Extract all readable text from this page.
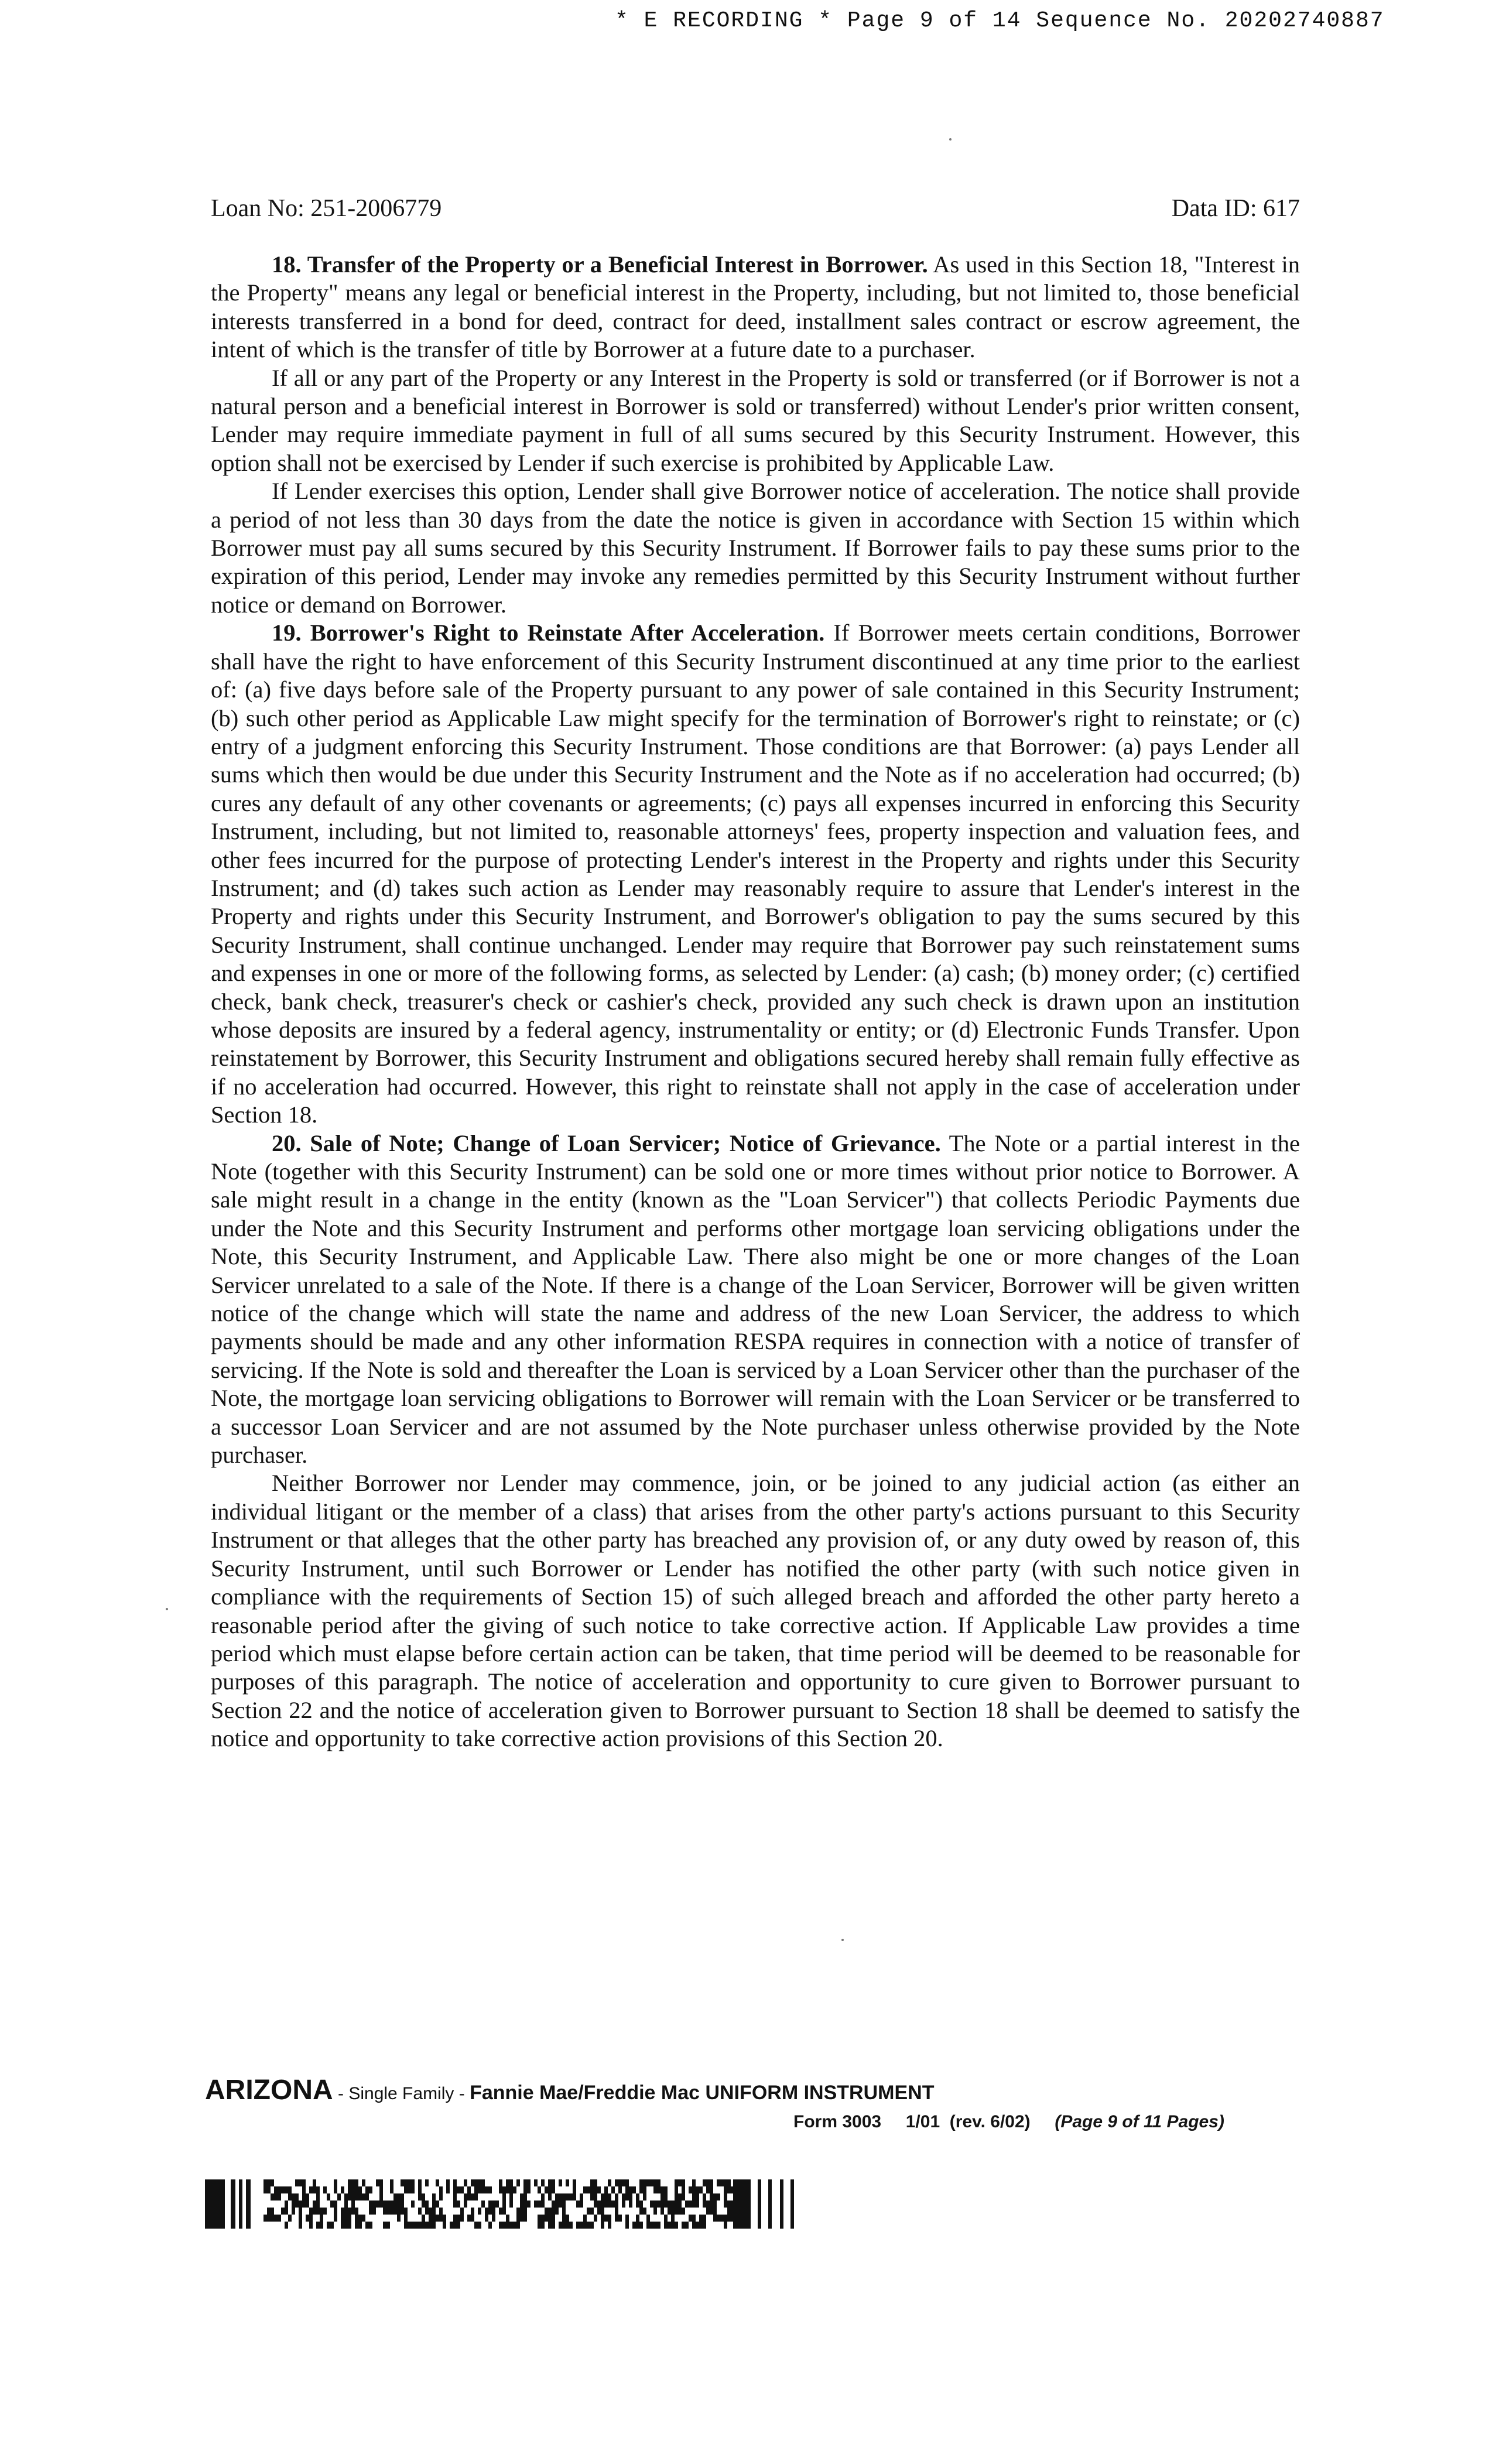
* E RECORDING * Page 9 of 14 Sequence No. 20202740887
Loan No: 251-2006779	Data ID: 617

18. Transfer of the Property or a Beneficial Interest in Borrower. As used in this Section 18, "Interest in the Property" means any legal or beneficial interest in the Property, including, but not limited to, those beneficial interests transferred in a bond for deed, contract for deed, installment sales contract or escrow agreement, the intent of which is the transfer of title by Borrower at a future date to a purchaser.

If all or any part of the Property or any Interest in the Property is sold or transferred (or if Borrower is not a natural person and a beneficial interest in Borrower is sold or transferred) without Lender's prior written consent, Lender may require immediate payment in full of all sums secured by this Security Instrument. However, this option shall not be exercised by Lender if such exercise is prohibited by Applicable Law.

If Lender exercises this option, Lender shall give Borrower notice of acceleration. The notice shall provide a period of not less than 30 days from the date the notice is given in accordance with Section 15 within which Borrower must pay all sums secured by this Security Instrument. If Borrower fails to pay these sums prior to the expiration of this period, Lender may invoke any remedies permitted by this Security Instrument without further notice or demand on Borrower.

19. Borrower's Right to Reinstate After Acceleration. If Borrower meets certain conditions, Borrower shall have the right to have enforcement of this Security Instrument discontinued at any time prior to the earliest of: (a) five days before sale of the Property pursuant to any power of sale contained in this Security Instrument; (b) such other period as Applicable Law might specify for the termination of Borrower's right to reinstate; or (c) entry of a judgment enforcing this Security Instrument. Those conditions are that Borrower: (a) pays Lender all sums which then would be due under this Security Instrument and the Note as if no acceleration had occurred; (b) cures any default of any other covenants or agreements; (c) pays all expenses incurred in enforcing this Security Instrument, including, but not limited to, reasonable attorneys' fees, property inspection and valuation fees, and other fees incurred for the purpose of protecting Lender's interest in the Property and rights under this Security Instrument; and (d) takes such action as Lender may reasonably require to assure that Lender's interest in the Property and rights under this Security Instrument, and Borrower's obligation to pay the sums secured by this Security Instrument, shall continue unchanged. Lender may require that Borrower pay such reinstatement sums and expenses in one or more of the following forms, as selected by Lender: (a) cash; (b) money order; (c) certified check, bank check, treasurer's check or cashier's check, provided any such check is drawn upon an institution whose deposits are insured by a federal agency, instrumentality or entity; or (d) Electronic Funds Transfer. Upon reinstatement by Borrower, this Security Instrument and obligations secured hereby shall remain fully effective as if no acceleration had occurred. However, this right to reinstate shall not apply in the case of acceleration under Section 18.

20. Sale of Note; Change of Loan Servicer; Notice of Grievance. The Note or a partial interest in the Note (together with this Security Instrument) can be sold one or more times without prior notice to Borrower. A sale might result in a change in the entity (known as the "Loan Servicer") that collects Periodic Payments due under the Note and this Security Instrument and performs other mortgage loan servicing obligations under the Note, this Security Instrument, and Applicable Law. There also might be one or more changes of the Loan Servicer unrelated to a sale of the Note. If there is a change of the Loan Servicer, Borrower will be given written notice of the change which will state the name and address of the new Loan Servicer, the address to which payments should be made and any other information RESPA requires in connection with a notice of transfer of servicing. If the Note is sold and thereafter the Loan is serviced by a Loan Servicer other than the purchaser of the Note, the mortgage loan servicing obligations to Borrower will remain with the Loan Servicer or be transferred to a successor Loan Servicer and are not assumed by the Note purchaser unless otherwise provided by the Note purchaser.

Neither Borrower nor Lender may commence, join, or be joined to any judicial action (as either an individual litigant or the member of a class) that arises from the other party's actions pursuant to this Security Instrument or that alleges that the other party has breached any provision of, or any duty owed by reason of, this Security Instrument, until such Borrower or Lender has notified the other party (with such notice given in compliance with the requirements of Section 15) of such alleged breach and afforded the other party hereto a reasonable period after the giving of such notice to take corrective action. If Applicable Law provides a time period which must elapse before certain action can be taken, that time period will be deemed to be reasonable for purposes of this paragraph. The notice of acceleration and opportunity to cure given to Borrower pursuant to Section 22 and the notice of acceleration given to Borrower pursuant to Section 18 shall be deemed to satisfy the notice and opportunity to take corrective action provisions of this Section 20.

ARIZONA - Single Family - Fannie Mae/Freddie Mac UNIFORM INSTRUMENT
Form 3003     1/01  (rev. 6/02) (Page 9 of 11 Pages)
